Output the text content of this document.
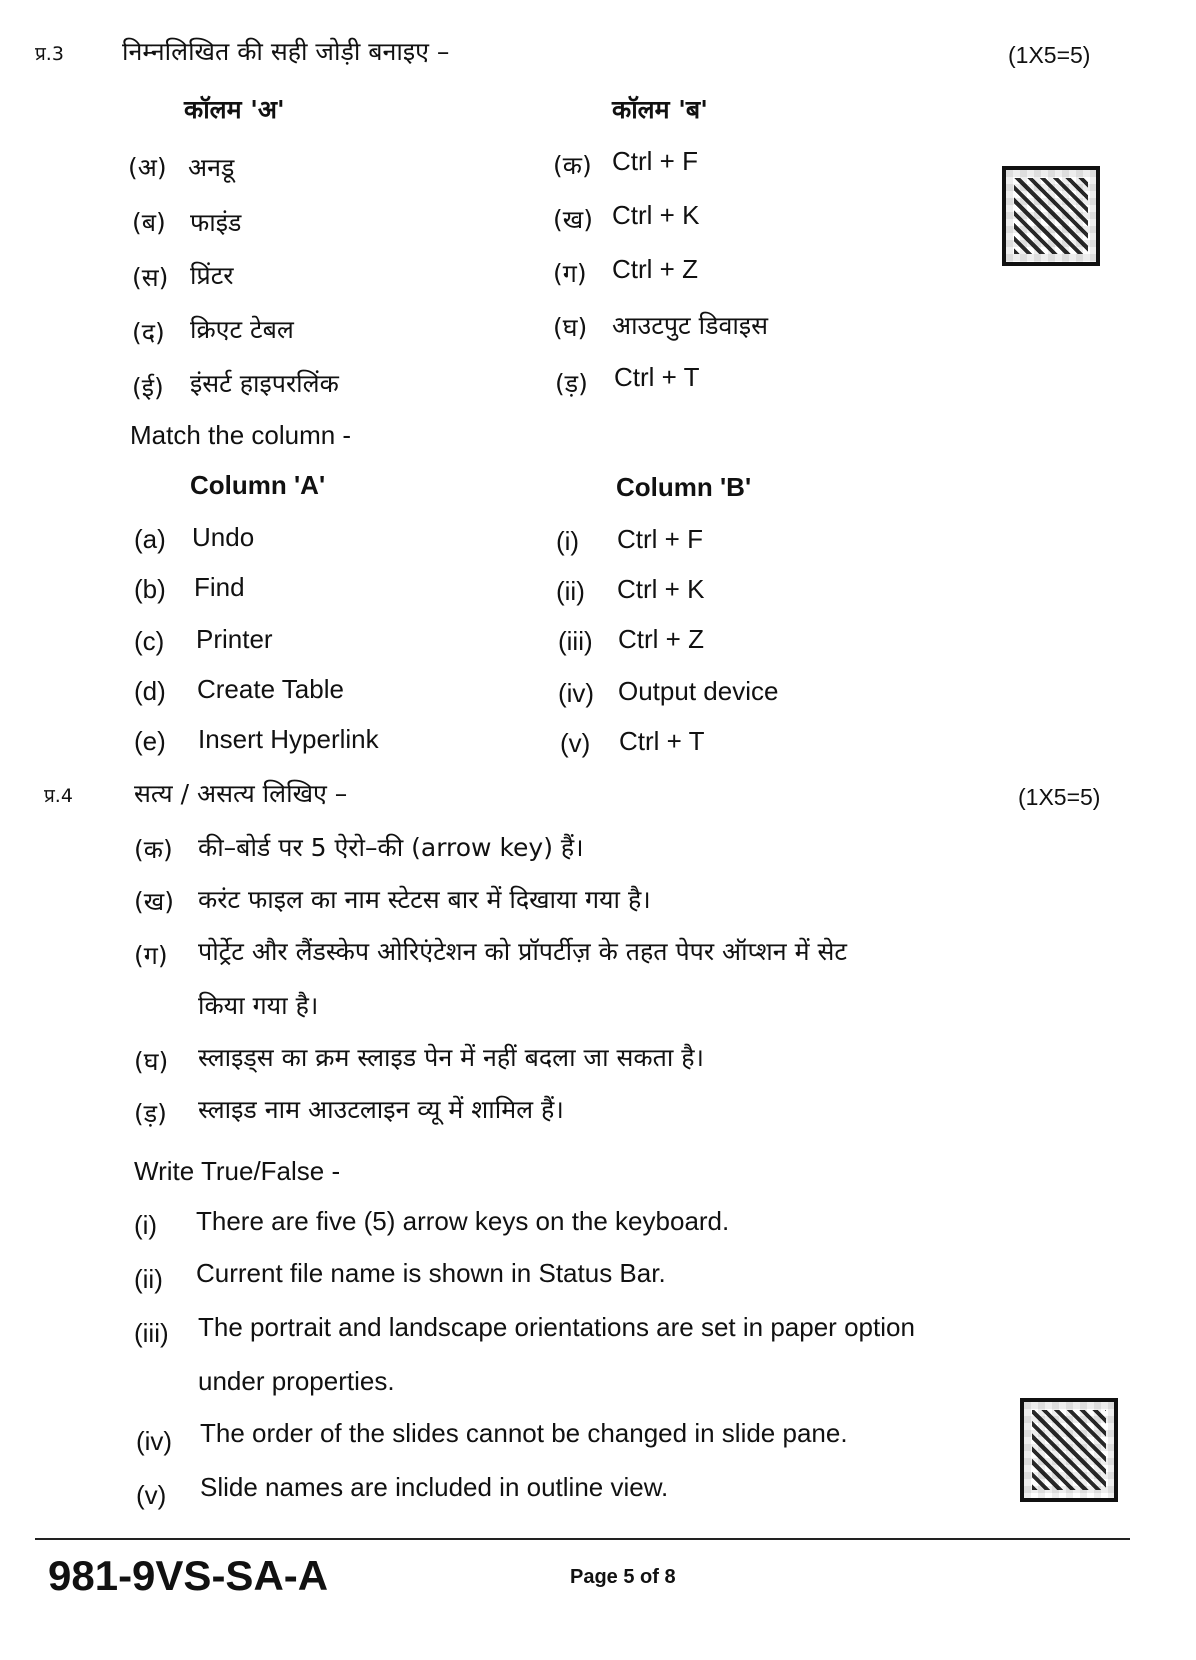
प्र.3 निम्नलिखित की सही जोड़ी बनाइए –	(1X5=5)
कॉलम 'अ'	कॉलम 'ब'
(अ) अनडू	(क) Ctrl + F
(ब) फाइंड	(ख) Ctrl + K
(स) प्रिंटर	(ग) Ctrl + Z
(द) क्रिएट टेबल	(घ) आउटपुट डिवाइस
(ई) इंसर्ट हाइपरलिंक	(ड़) Ctrl + T
Match the column -
Column 'A'	Column 'B'
(a) Undo	(i) Ctrl + F
(b) Find	(ii) Ctrl + K
(c) Printer	(iii) Ctrl + Z
(d) Create Table	(iv) Output device
(e) Insert Hyperlink	(v) Ctrl + T
प्र.4 सत्य / असत्य लिखिए –	(1X5=5)
(क) की–बोर्ड पर 5 ऐरो–की (arrow key) हैं।
(ख) करंट फाइल का नाम स्टेटस बार में दिखाया गया है।
(ग) पोर्ट्रेट और लैंडस्केप ओरिएंटेशन को प्रॉपर्टीज़ के तहत पेपर ऑप्शन में सेट
किया गया है।
(घ) स्लाइड्स का क्रम स्लाइड पेन में नहीं बदला जा सकता है।
(ड़) स्लाइड नाम आउटलाइन व्यू में शामिल हैं।
Write True/False -
(i) There are five (5) arrow keys on the keyboard.
(ii) Current file name is shown in Status Bar.
(iii) The portrait and landscape orientations are set in paper option
under properties.
(iv) The order of the slides cannot be changed in slide pane.
(v) Slide names are included in outline view.
981-9VS-SA-A	Page 5 of 8
